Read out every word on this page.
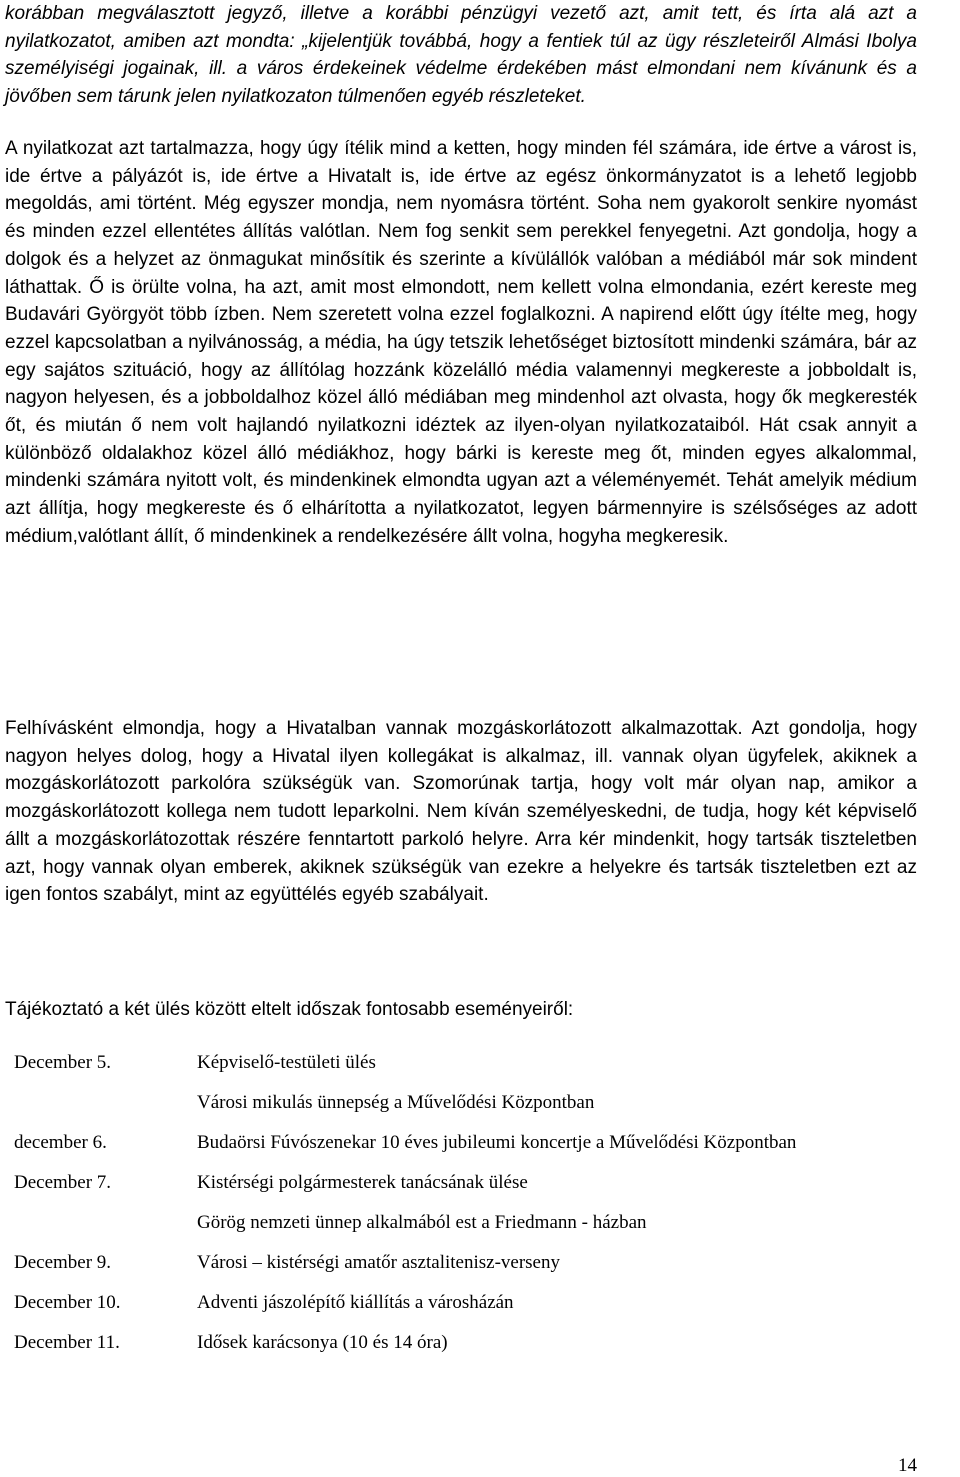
korábban megválasztott jegyző, illetve a korábbi pénzügyi vezető azt, amit tett, és írta alá azt a nyilatkozatot, amiben azt mondta: „kijelentjük továbbá, hogy a fentiek túl az ügy részleteiről Almási Ibolya személyiségi jogainak, ill. a város érdekeinek védelme érdekében mást elmondani nem kívánunk és a jövőben sem tárunk jelen nyilatkozaton túlmenően egyéb részleteket.

A nyilatkozat azt tartalmazza, hogy úgy ítélik mind a ketten, hogy minden fél számára, ide értve a várost is, ide értve a pályázót is, ide értve a Hivatalt is, ide értve az egész önkormányzatot is a lehető legjobb megoldás, ami történt. Még egyszer mondja, nem nyomásra történt. Soha nem gyakorolt senkire nyomást és minden ezzel ellentétes állítás valótlan. Nem fog senkit sem perekkel fenyegetni. Azt gondolja, hogy a dolgok és a helyzet az önmagukat minősítik és szerinte a kívülállók valóban a médiából már sok mindent láthattak. Ő is örülte volna, ha azt, amit most elmondott, nem kellett volna elmondania, ezért kereste meg Budavári Györgyöt több ízben. Nem szeretett volna ezzel foglalkozni. A napirend előtt úgy ítélte meg, hogy ezzel kapcsolatban a nyilvánosság, a média, ha úgy tetszik lehetőséget biztosított mindenki számára, bár az egy sajátos szituáció, hogy az állítólag hozzánk közelálló média valamennyi megkereste a jobboldalt is, nagyon helyesen, és a jobboldalhoz közel álló médiában meg mindenhol azt olvasta, hogy ők megkeresték őt, és miután ő nem volt hajlandó nyilatkozni idéztek az ilyen-olyan nyilatkozataiból. Hát csak annyit a különböző oldalakhoz közel álló médiákhoz, hogy bárki is kereste meg őt, minden egyes alkalommal, mindenki számára nyitott volt, és mindenkinek elmondta ugyan azt a véleményemét. Tehát amelyik médium azt állítja, hogy megkereste és ő elhárította a nyilatkozatot, legyen bármennyire is szélsőséges az adott médium,valótlant állít, ő mindenkinek a rendelkezésére állt volna, hogyha megkeresik.

Felhívásként elmondja, hogy a Hivatalban vannak mozgáskorlátozott alkalmazottak. Azt gondolja, hogy nagyon helyes dolog, hogy a Hivatal ilyen kollegákat is alkalmaz, ill. vannak olyan ügyfelek, akiknek a mozgáskorlátozott parkolóra szükségük van. Szomorúnak tartja, hogy volt már olyan nap, amikor a mozgáskorlátozott kollega nem tudott leparkolni. Nem kíván személyeskedni, de tudja, hogy két képviselő állt a mozgáskorlátozottak részére fenntartott parkoló helyre. Arra kér mindenkit, hogy tartsák tiszteletben azt, hogy vannak olyan emberek, akiknek szükségük van ezekre a helyekre és tartsák tiszteletben ezt az igen fontos szabályt, mint az együttélés egyéb szabályait.

Tájékoztató a két ülés között eltelt időszak fontosabb eseményeiről:

December 5.	Képviselő-testületi ülés
Városi mikulás ünnepség a Művelődési Központban
december 6.	Budaörsi Fúvószenekar 10 éves jubileumi koncertje a Művelődési Központban
December 7.	Kistérségi polgármesterek tanácsának ülése
Görög nemzeti ünnep alkalmából est a Friedmann - házban
December 9.	Városi – kistérségi amatőr asztalitenisz-verseny
December 10.	Adventi jászolépítő kiállítás a városházán
December 11.	Idősek karácsonya (10 és 14 óra)
14
